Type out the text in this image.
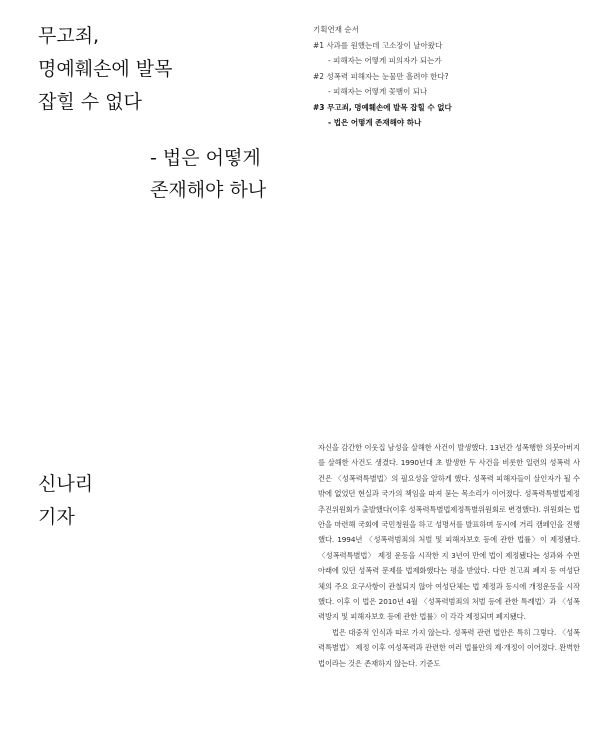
무고죄,
명예훼손에 발목
잡힐 수 없다
- 법은 어떻게
존재해야 하나
기획연재 순서
#1 사과를 원했는데 고소장이 날아왔다
- 피해자는 어떻게 피의자가 되는가
#2 성폭력 피해자는 눈물만 흘려야 한다?
- 피해자는 어떻게 꽃뱀이 되나
#3 무고죄, 명예훼손에 발목 잡힐 수 없다
- 법은 어떻게 존재해야 하나
신나리
기자

자신을 감간한 이웃집 남성을 살해한 사건이 발생했다. 13년간 성폭행한 의붓아버지를 살해한 사건도 생겼다. 1990년대 초 발생한 두 사건을 비롯한 일련의 성폭력 사건은 〈성폭력특별법〉의 필요성을 알하게 했다. 성폭력 피해자들이 살인자가 될 수밖에 없었던 현실과 국가의 책임을 따져 묻는 목소리가 이어졌다. 성폭력특별법제정추진위원회가 출발했다(이후 성폭력특별법제정특별위원회로 변경했다). 위원회는 법안을 마련해 국회에 국민청원을 하고 성명서를 발표하며 동시에 거리 캠페인을 진행했다. 1994년 〈성폭력범죄의 처벌 및 피해자보호 등에 관한 법률〉이 제정됐다. 〈성폭력특별법〉 제정 운동을 시작한 지 3년여 만에 법이 제정됐다는 성과와 수면 아래에 있던 성폭력 문제를 법제화했다는 평을 받았다. 다만 친고죄 폐지 등 여성단체의 주요 요구사항이 관철되지 않아 여성단체는 법 제정과 동시에 개정운동을 시작했다. 이후 이 법은 2010년 4월 〈성폭력범죄의 처벌 등에 관한 특례법〉과 〈성폭력방지 및 피해자보호 등에 관한 법률〉이 각각 제정되며 폐지됐다.

법은 대중적 인식과 따로 가지 않는다. 성폭력 관련 법안은 특히 그렇다. 〈성폭력특별법〉 제정 이후 여성폭력과 관련한 여러 법률안의 제·개정이 이어졌다. 완벽한 법이라는 것은 존재하지 않는다. 기준도
